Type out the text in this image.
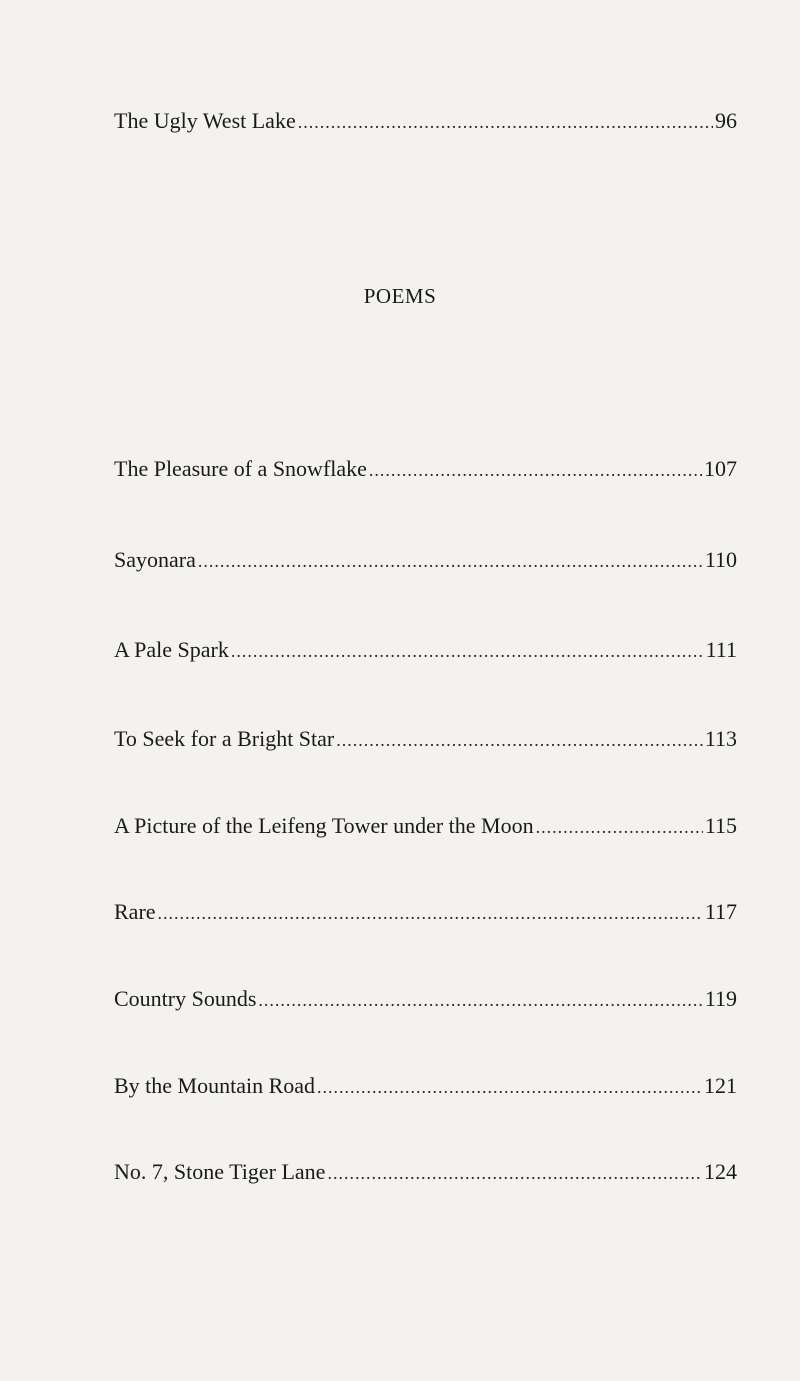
The Ugly West Lake .....	96
POEMS
The Pleasure of a Snowflake .....	107
Sayonara .....	110
A Pale Spark .....	111
To Seek for a Bright Star .....	113
A Picture of the Leifeng Tower under the Moon .....	115
Rare .....	117
Country Sounds .....	119
By the Mountain Road .....	121
No. 7, Stone Tiger Lane .....	124
